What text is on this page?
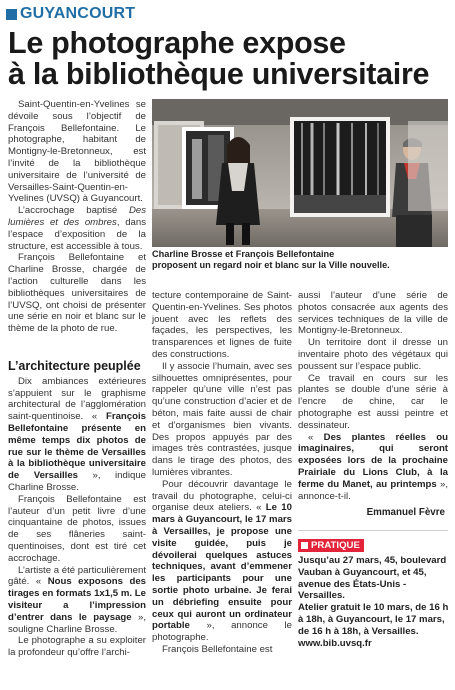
GUYANCOURT
Le photographe expose
à la bibliothèque universitaire

Saint-Quentin-en-Yvelines se dévoile sous l’objectif de François Bellefontaine. Le photographe, habitant de Montigny-le-Bretonneux, est l’invité de la bibliothèque universitaire de l’université de Versailles-Saint-Quentin-en-Yvelines (UVSQ) à Guyancourt.

L’accrochage baptisé Des lumières et des ombres, dans l’espace d’exposition de la structure, est accessible à tous.

François Bellefontaine et Charline Brosse, chargée de l’action culturelle dans les bibliothèques universitaires de l’UVSQ, ont choisi de présenter une série en noir et blanc sur le thème de la photo de rue.

L’architecture peuplée

Dix ambiances extérieures s’appuient sur le graphisme architectural de l’agglomération saint-quentinoise. « François Bellefontaine présente en même temps dix photos de rue sur le thème de Versailles à la bibliothèque universitaire de Versailles », indique Charline Brosse.

François Bellefontaine est l’auteur d’un petit livre d’une cinquantaine de photos, issues de ses flâneries saint-quentinoises, dont est tiré cet accrochage.

L’artiste a été particulièrement gâté. « Nous exposons des tirages en formats 1x1,5 m. Le visiteur a l’impression d’entrer dans le paysage », souligne Charline Brosse.

Le photographe a su exploiter la profondeur qu’offre l’archi-

Charline Brosse et François Bellefontaine
proposent un regard noir et blanc sur la Ville nouvelle.

tecture contemporaine de Saint-Quentin-en-Yvelines. Ses photos jouent avec les reflets des façades, les perspectives, les transparences et lignes de fuite des constructions.

Il y associe l’humain, avec ses silhouettes omniprésentes, pour rappeler qu’une ville n’est pas qu’une construction d’acier et de béton, mais faite aussi de chair et d’organismes bien vivants. Des propos appuyés par des images très contrastées, jusque dans le tirage des photos, des lumières vibrantes.

Pour découvrir davantage le travail du photographe, celui-ci organise deux ateliers. « Le 10 mars à Guyancourt, le 17 mars à Versailles, je propose une visite guidée, puis je dévoilerai quelques astuces techniques, avant d’emmener les participants pour une sortie photo urbaine. Je ferai un débriefing ensuite pour ceux qui auront un ordinateur portable », annonce le photographe.

François Bellefontaine est

aussi l’auteur d’une série de photos consacrée aux agents des services techniques de la ville de Montigny-le-Bretonneux.

Un territoire dont il dresse un inventaire photo des végétaux qui poussent sur l’espace public.

Ce travail en cours sur les plantes se double d’une série à l’encre de chine, car le photographe est aussi peintre et dessinateur.

« Des plantes réelles ou imaginaires, qui seront exposées lors de la prochaine Prairiale du Lions Club, à la ferme du Manet, au printemps », annonce-t-il.

Emmanuel Fèvre
PRATIQUE

Jusqu’au 27 mars, 45, boulevard Vauban à Guyancourt, et 45, avenue des États-Unis - Versailles.

Atelier gratuit le 10 mars, de 16 h à 18h, à Guyancourt, le 17 mars, de 16 h à 18h, à Versailles.

www.bib.uvsq.fr
